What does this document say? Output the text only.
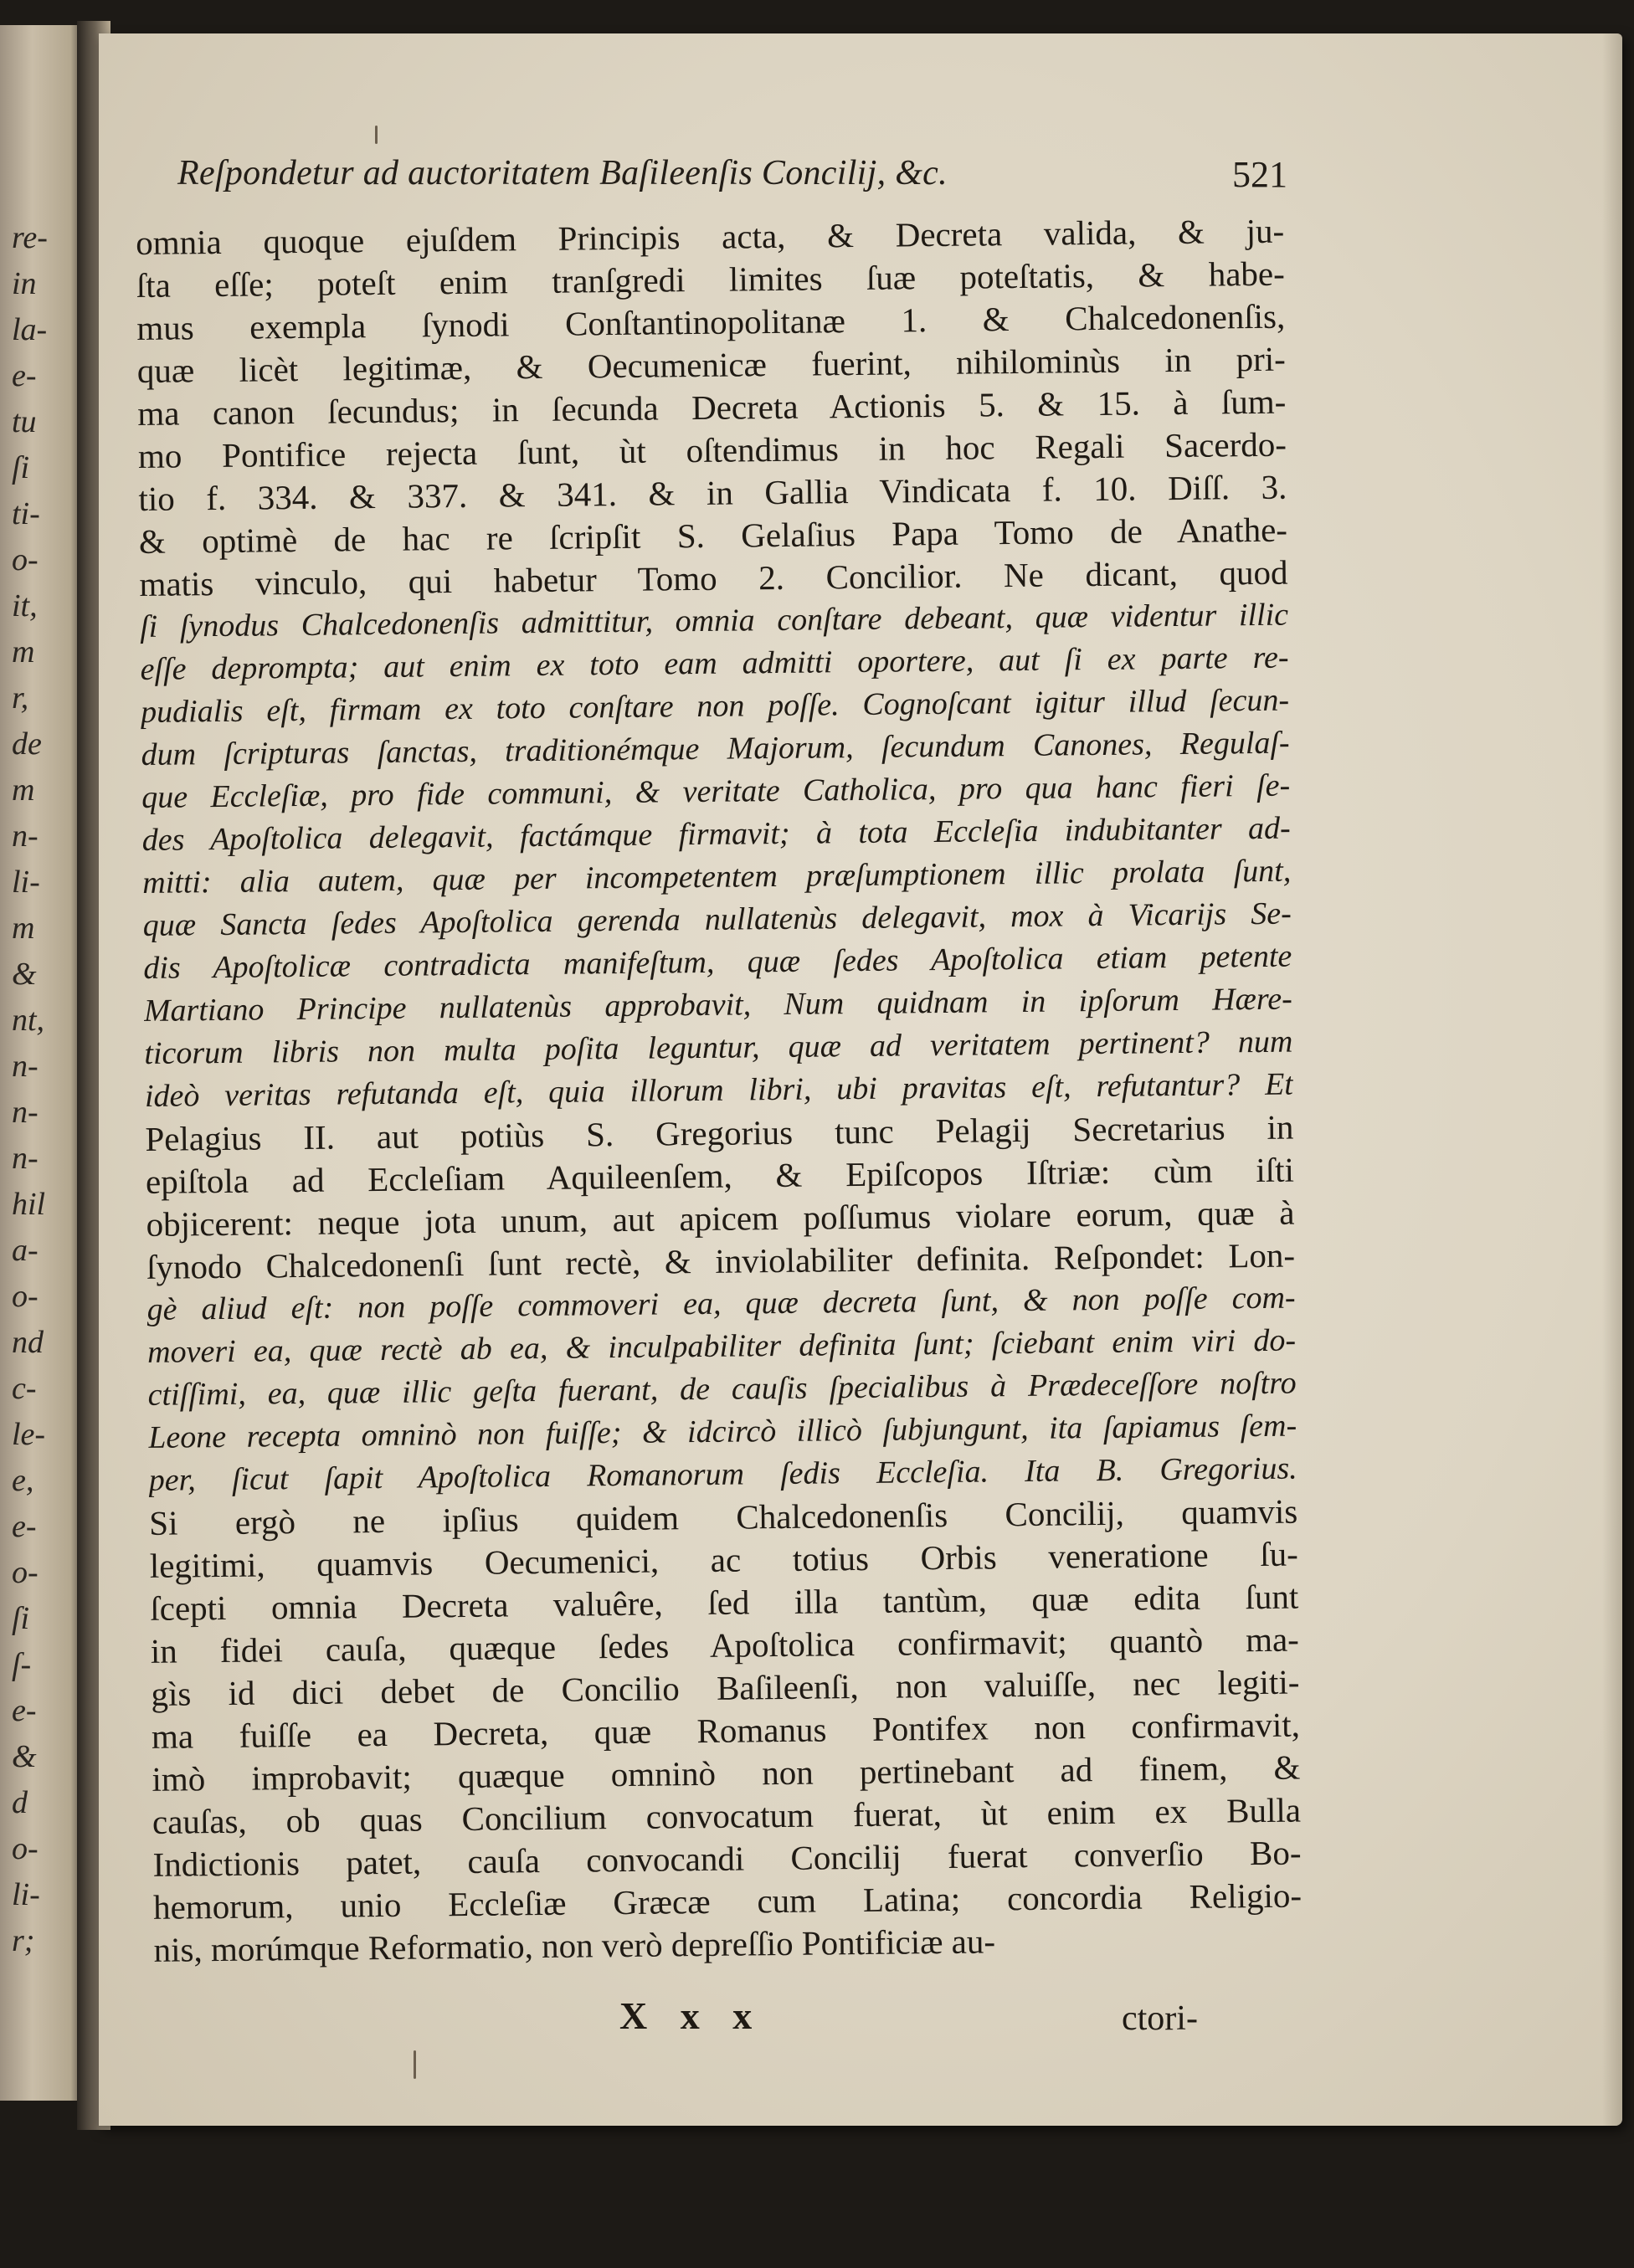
re-
in
la-
e-
tu
ſi
ti-
o-
it,
m
r,
de
m
n-
li-
m
&
nt,
n-
n-
n-
hil
a-
o-
nd
c-
le-
e,
e-
o-
ſi
ſ-
e-
&
d
o-
li-
r;
Reſpondetur ad auctoritatem Baſileenſis Concilij, &c.	521
omnia quoque ejuſdem Principis acta, & Decreta valida, & ju-
ſta eſſe; poteſt enim tranſgredi limites ſuæ poteſtatis, & habe-
mus exempla ſynodi Conſtantinopolitanæ 1. & Chalcedonenſis,
quæ licèt legitimæ, & Oecumenicæ fuerint, nihilominùs in pri-
ma canon ſecundus; in ſecunda Decreta Actionis 5. & 15. à ſum-
mo Pontifice rejecta ſunt, ùt oſtendimus in hoc Regali Sacerdo-
tio f. 334. & 337. & 341. & in Gallia Vindicata f. 10. Diſſ. 3.
& optimè de hac re ſcripſit S. Gelaſius Papa Tomo de Anathe-
matis vinculo, qui habetur Tomo 2. Concilior. Ne dicant, quod
ſi ſynodus Chalcedonenſis admittitur, omnia conſtare debeant, quæ videntur illic
eſſe deprompta; aut enim ex toto eam admitti oportere, aut ſi ex parte re-
pudialis eſt, firmam ex toto conſtare non poſſe. Cognoſcant igitur illud ſecun-
dum ſcripturas ſanctas, traditionémque Majorum, ſecundum Canones, Regulaſ-
que Eccleſiæ, pro fide communi, & veritate Catholica, pro qua hanc fieri ſe-
des Apoſtolica delegavit, factámque firmavit; à tota Eccleſia indubitanter ad-
mitti: alia autem, quæ per incompetentem præſumptionem illic prolata ſunt,
quæ Sancta ſedes Apoſtolica gerenda nullatenùs delegavit, mox à Vicarijs Se-
dis Apoſtolicæ contradicta manifeſtum, quæ ſedes Apoſtolica etiam petente
Martiano Principe nullatenùs approbavit, Num quidnam in ipſorum Hære-
ticorum libris non multa poſita leguntur, quæ ad veritatem pertinent? num
ideò veritas refutanda eſt, quia illorum libri, ubi pravitas eſt, refutantur? Et
Pelagius II. aut potiùs S. Gregorius tunc Pelagij Secretarius in
epiſtola ad Eccleſiam Aquileenſem, & Epiſcopos Iſtriæ: cùm iſti
objicerent: neque jota unum, aut apicem poſſumus violare eorum, quæ à
ſynodo Chalcedonenſi ſunt rectè, & inviolabiliter definita. Reſpondet: Lon-
gè aliud eſt: non poſſe commoveri ea, quæ decreta ſunt, & non poſſe com-
moveri ea, quæ rectè ab ea, & inculpabiliter definita ſunt; ſciebant enim viri do-
ctiſſimi, ea, quæ illic geſta fuerant, de cauſis ſpecialibus à Prædeceſſore noſtro
Leone recepta omninò non fuiſſe; & idcircò illicò ſubjungunt, ita ſapiamus ſem-
per, ſicut ſapit Apoſtolica Romanorum ſedis Eccleſia. Ita B. Gregorius.
Si ergò ne ipſius quidem Chalcedonenſis Concilij, quamvis
legitimi, quamvis Oecumenici, ac totius Orbis veneratione ſu-
ſcepti omnia Decreta valuêre, ſed illa tantùm, quæ edita ſunt
in fidei cauſa, quæque ſedes Apoſtolica confirmavit; quantò ma-
gìs id dici debet de Concilio Baſileenſi, non valuiſſe, nec legiti-
ma fuiſſe ea Decreta, quæ Romanus Pontifex non confirmavit,
imò improbavit; quæque omninò non pertinebant ad finem, &
cauſas, ob quas Concilium convocatum fuerat, ùt enim ex Bulla
Indictionis patet, cauſa convocandi Concilij fuerat converſio Bo-
hemorum, unio Eccleſiæ Græcæ cum Latina; concordia Religio-
nis, morúmque Reformatio, non verò depreſſio Pontificiæ au-
X x x	ctori-
